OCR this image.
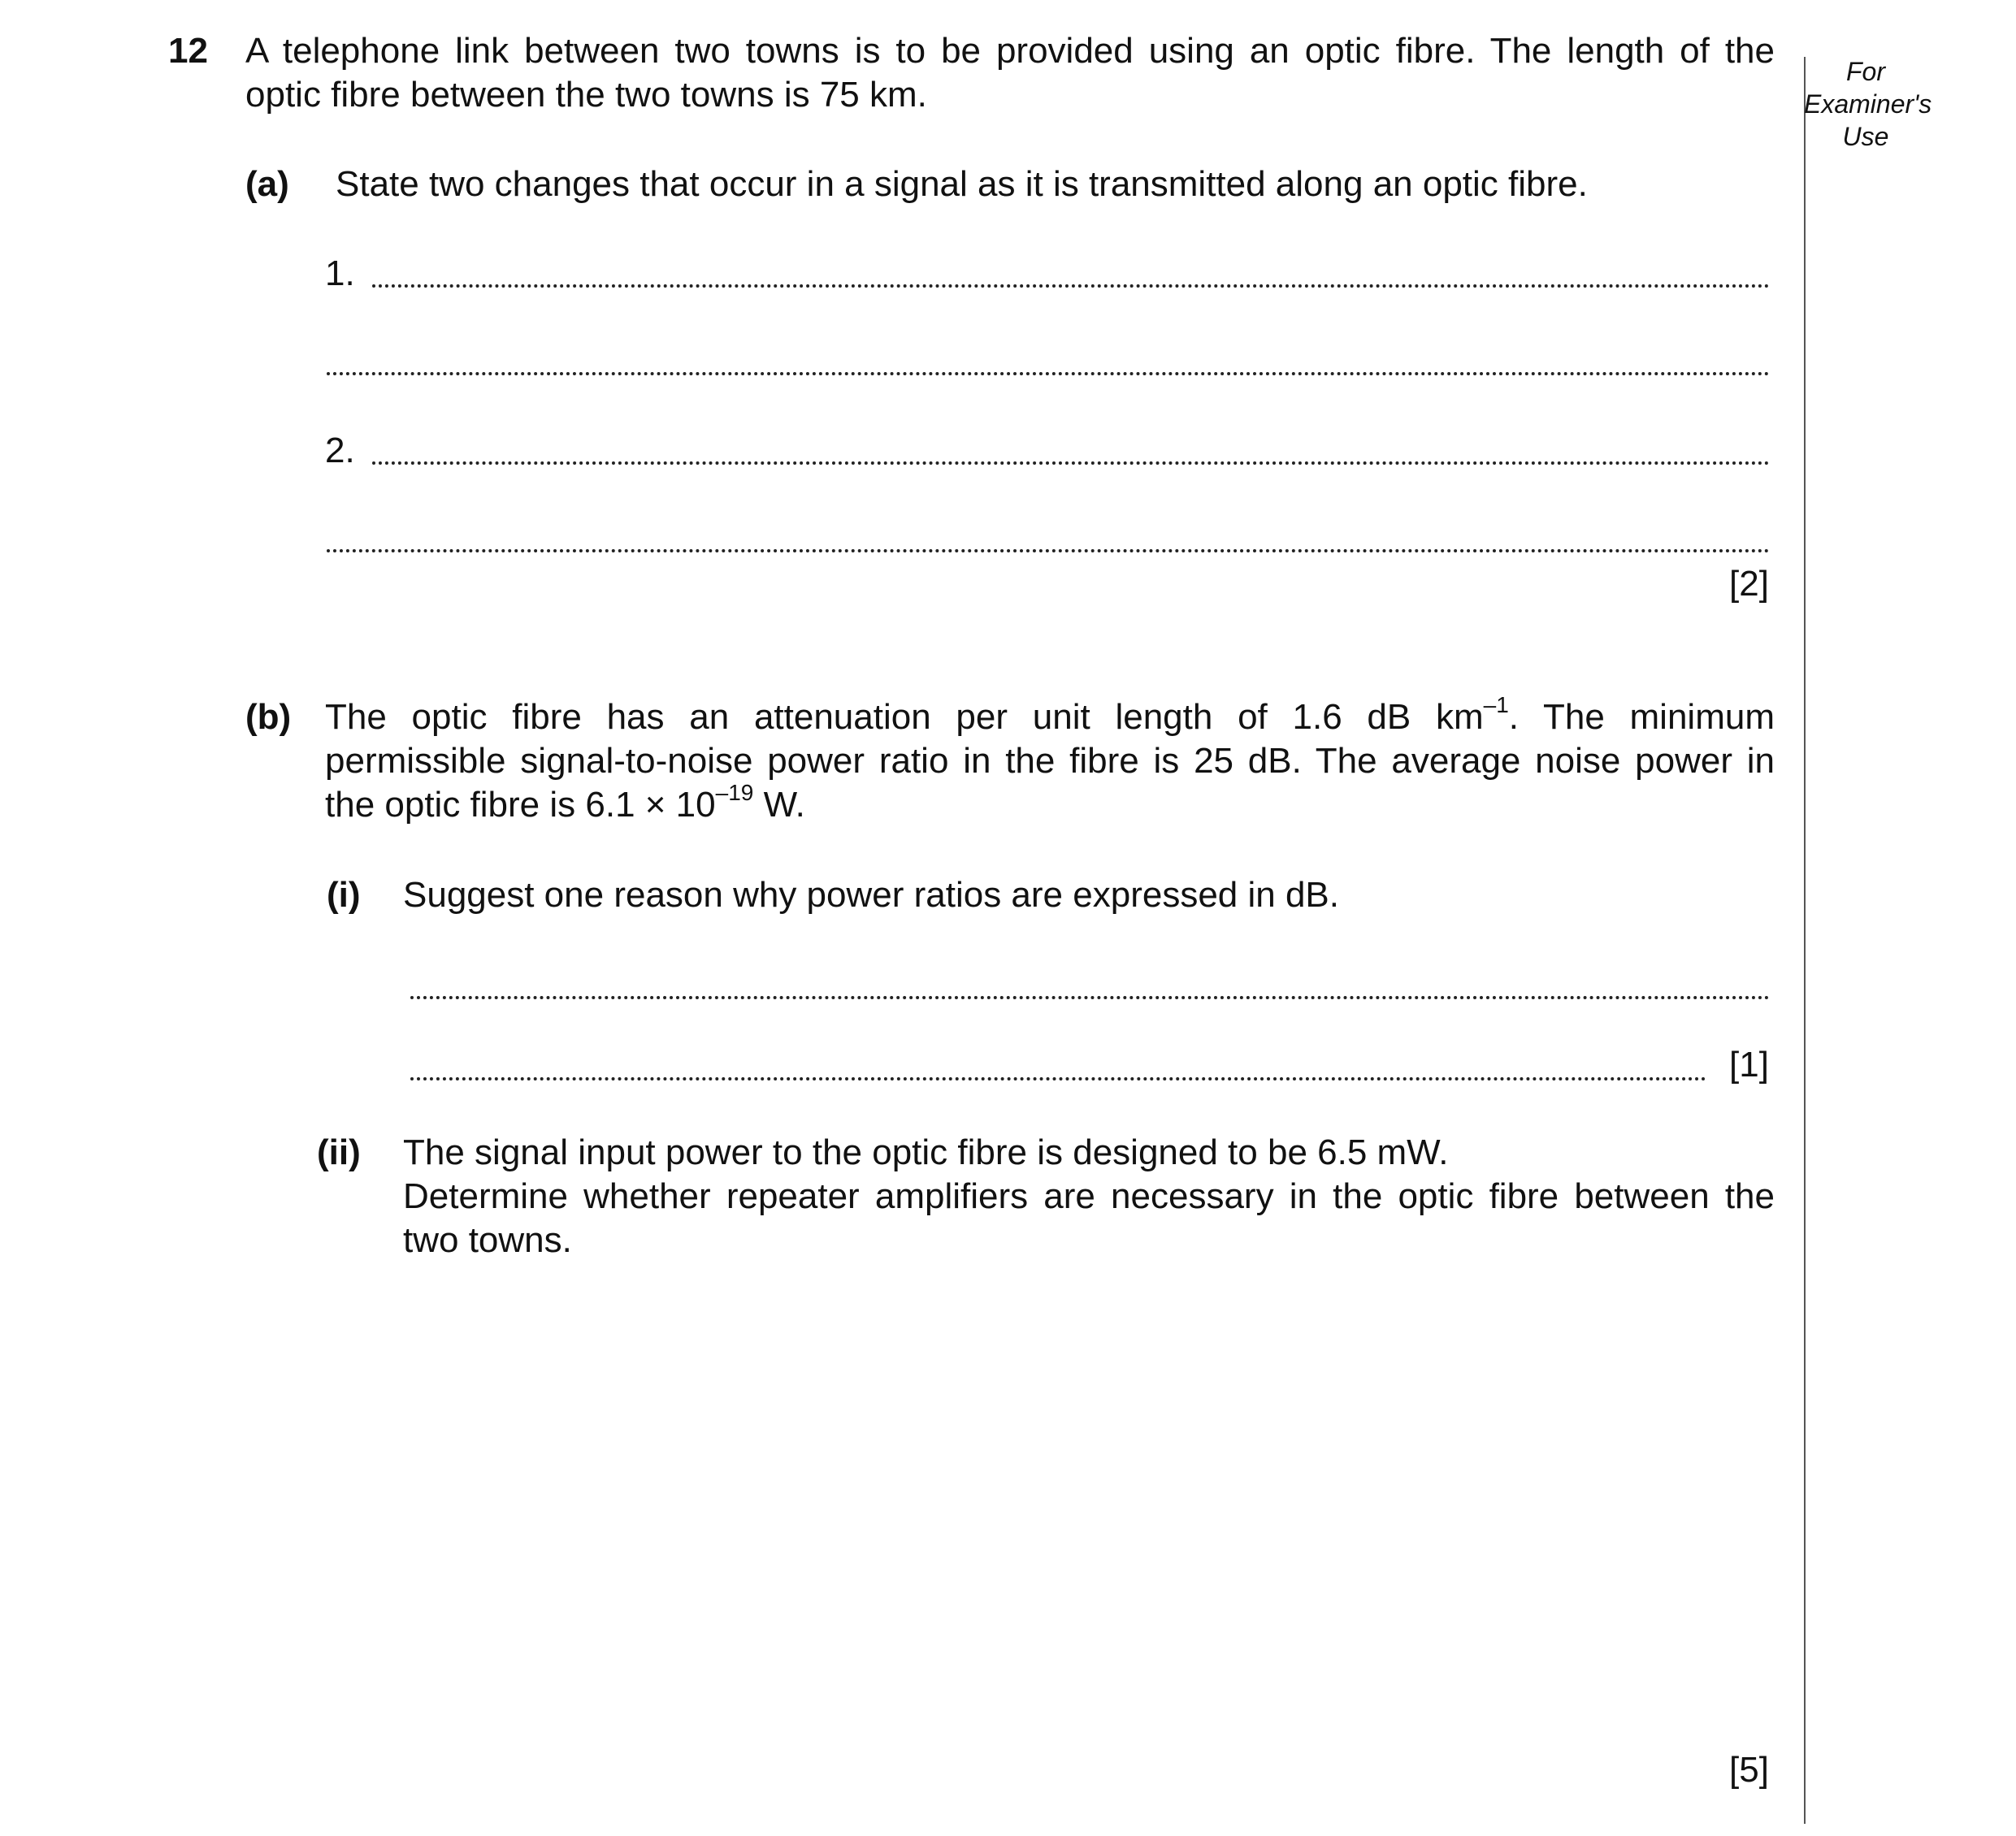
For
Examiner's
Use
12 A telephone link between two towns is to be provided using an optic fibre. The length of the
optic fibre between the two towns is 75 km.
(a) State two changes that occur in a signal as it is transmitted along an optic fibre.
1.
2.
[2]
(b) The optic fibre has an attenuation per unit length of 1.6 dB $km^{-1}$. The minimum
permissible signal-to-noise power ratio in the fibre is 25 dB. The average noise power in
the optic fibre is $6.1 \times 10^{-19}$ W.
(i) Suggest one reason why power ratios are expressed in dB.
[1]
(ii) The signal input power to the optic fibre is designed to be 6.5 mW.
Determine whether repeater amplifiers are necessary in the optic fibre between the
two towns.
[5]
